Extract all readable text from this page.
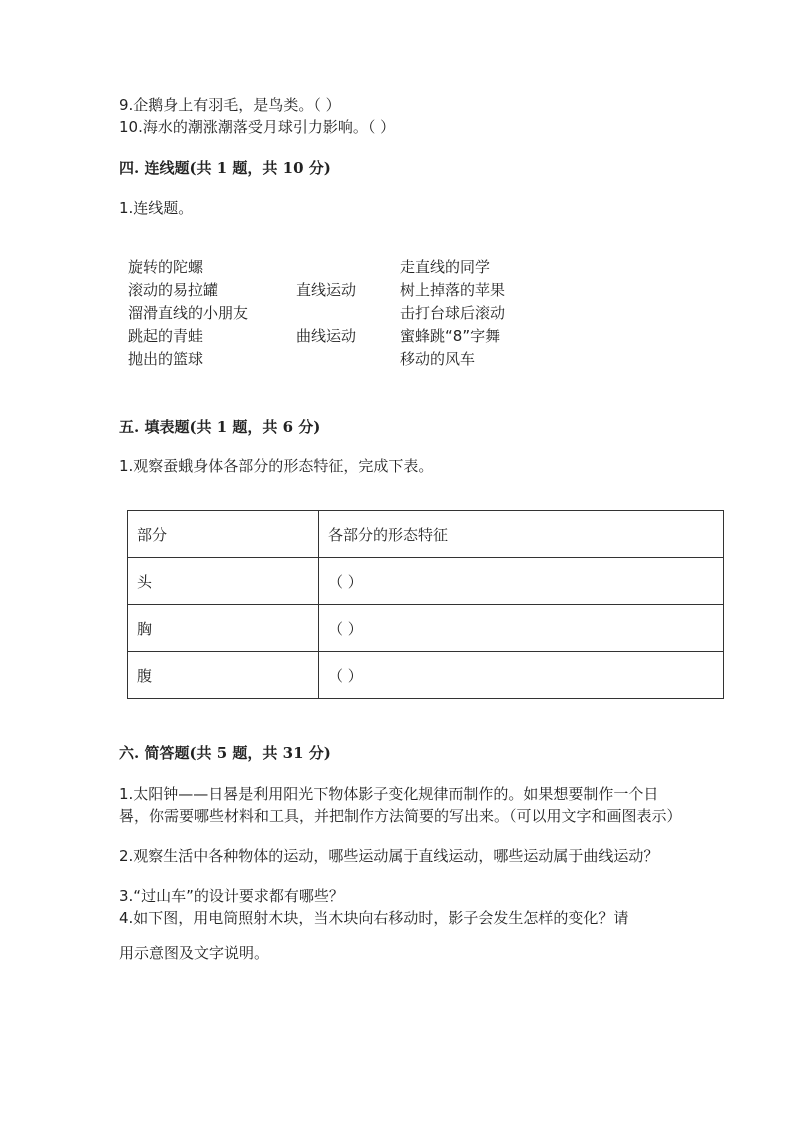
9.企鹅身上有羽毛，是鸟类。（ ）
10.海水的潮涨潮落受月球引力影响。（ ）
四. 连线题(共 1 题，共 10 分)
1.连线题。
旋转的陀螺
滚动的易拉罐
溜滑直线的小朋友
跳起的青蛙
抛出的篮球
直线运动
曲线运动
走直线的同学
树上掉落的苹果
击打台球后滚动
蜜蜂跳“8”字舞
移动的风车
五. 填表题(共 1 题，共 6 分)
1.观察蚕蛾身体各部分的形态特征，完成下表。
部分	各部分的形态特征
头	（ ）
胸	（ ）
腹	（ ）
六. 简答题(共 5 题，共 31 分)
1.太阳钟——日晷是利用阳光下物体影子变化规律而制作的。如果想要制作一个日晷，你需要哪些材料和工具，并把制作方法简要的写出来。（可以用文字和画图表示）
2.观察生活中各种物体的运动，哪些运动属于直线运动，哪些运动属于曲线运动？
3.“过山车”的设计要求都有哪些？
4.如下图，用电筒照射木块，当木块向右移动时，影子会发生怎样的变化？请
用示意图及文字说明。
